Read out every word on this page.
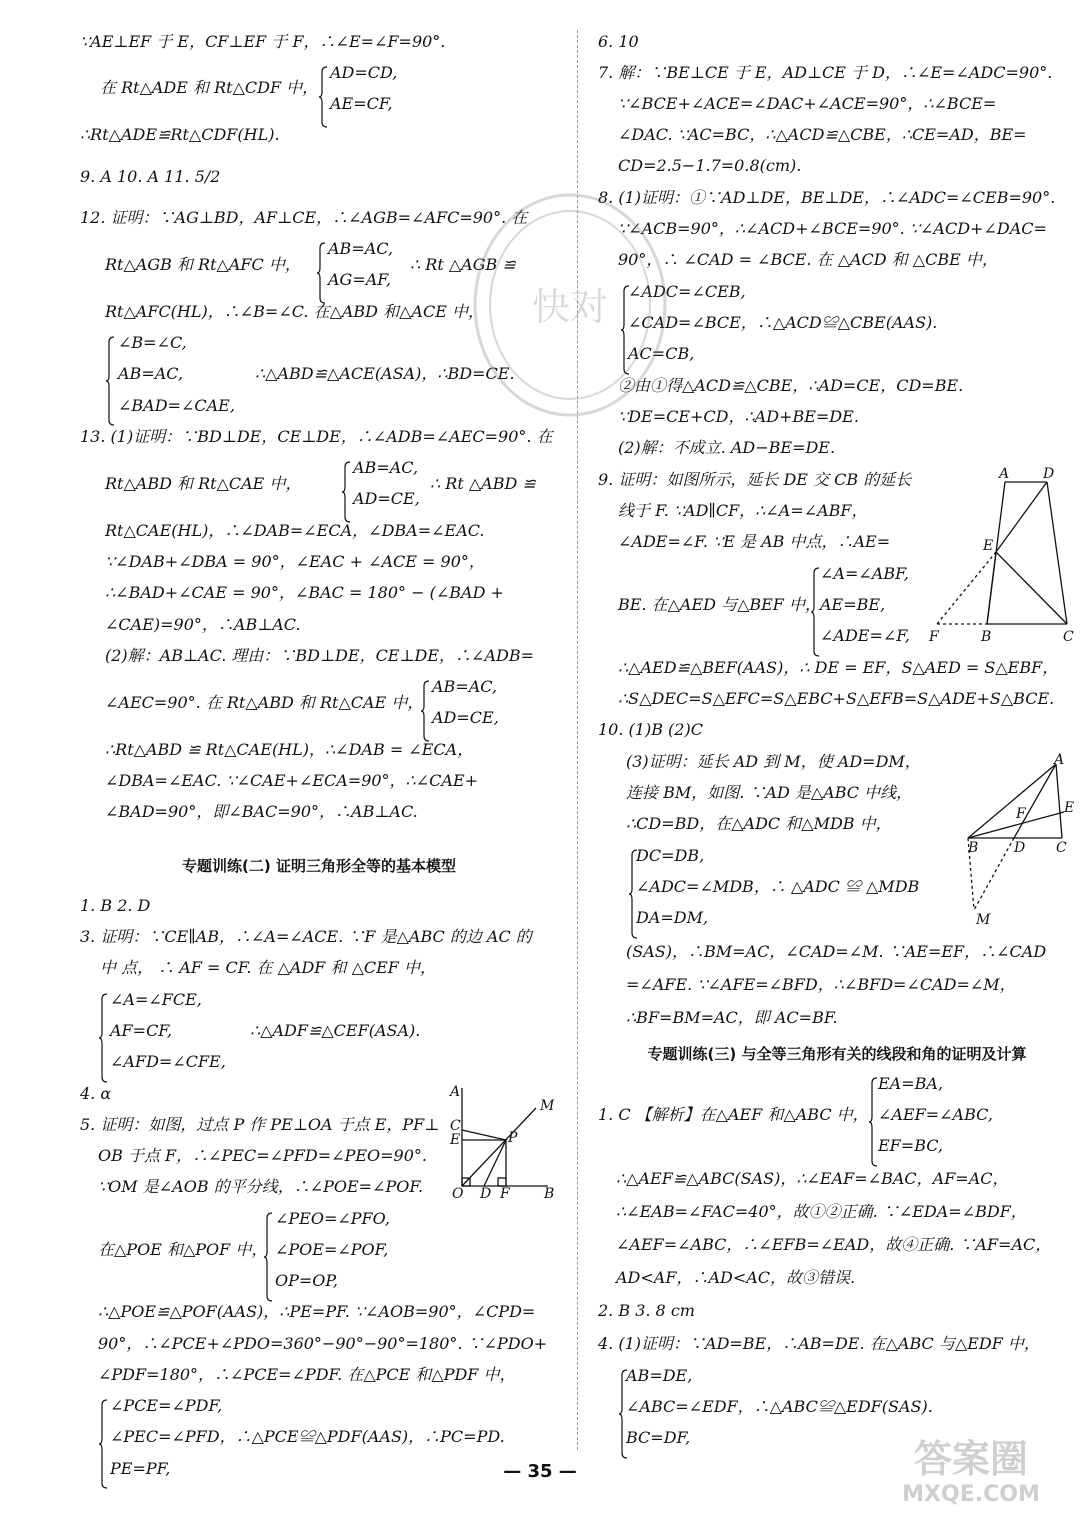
∵AE⊥EF 于 E，CF⊥EF 于 F，∴∠E=∠F=90°.
在 Rt△ADE 和 Rt△CDF 中，
AD=CD,
AE=CF,
∴Rt△ADE≌Rt△CDF(HL).
9. A 10. A 11. 5/2
12. 证明：∵AG⊥BD，AF⊥CE，∴∠AGB=∠AFC=90°. 在
Rt△AGB 和 Rt△AFC 中，
AB=AC,
AG=AF,
∴ Rt △AGB ≌
Rt△AFC(HL)，∴∠B=∠C. 在△ABD 和△ACE 中，
∠B=∠C,
AB=AC,	∴△ABD≌△ACE(ASA)，∴BD=CE.
∠BAD=∠CAE,
13. (1)证明：∵BD⊥DE，CE⊥DE，∴∠ADB=∠AEC=90°. 在
Rt△ABD 和 Rt△CAE 中，
AB=AC,
AD=CE,
∴ Rt △ABD ≌
Rt△CAE(HL)，∴∠DAB=∠ECA，∠DBA=∠EAC.
∵∠DAB+∠DBA = 90°，∠EAC + ∠ACE = 90°，
∴∠BAD+∠CAE = 90°，∠BAC = 180° − (∠BAD +
∠CAE)=90°，∴AB⊥AC.
(2)解：AB⊥AC. 理由：∵BD⊥DE，CE⊥DE，∴∠ADB=
∠AEC=90°. 在 Rt△ABD 和 Rt△CAE 中，
AB=AC,
AD=CE,
∴Rt△ABD ≌ Rt△CAE(HL)，∴∠DAB = ∠ECA，
∠DBA=∠EAC. ∵∠CAE+∠ECA=90°，∴∠CAE+
∠BAD=90°，即∠BAC=90°，∴AB⊥AC.
1. B 2. D
3. 证明：∵CE∥AB，∴∠A=∠ACE. ∵F 是△ABC 的边 AC 的
中 点， ∴ AF = CF. 在 △ADF 和 △CEF 中，
∠A=∠FCE,
AF=CF,	∴△ADF≌△CEF(ASA).
∠AFD=∠CFE,
4. α
5. 证明：如图，过点 P 作 PE⊥OA 于点 E，PF⊥
OB 于点 F，∴∠PEC=∠PFD=∠PEO=90°.
∵OM 是∠AOB 的平分线，∴∠POE=∠POF.
在△POE 和△POF 中，
∠PEO=∠PFO,
∠POE=∠POF,
OP=OP,
∴△POE≌△POF(AAS)，∴PE=PF. ∵∠AOB=90°，∠CPD=
90°，∴∠PCE+∠PDO=360°−90°−90°=180°. ∵∠PDO+
∠PDF=180°，∴∠PCE=∠PDF. 在△PCE 和△PDF 中，
∠PCE=∠PDF,
∠PEC=∠PFD，∴△PCE≌△PDF(AAS)，∴PC=PD.
PE=PF,
专题训练(二) 证明三角形全等的基本模型
6. 10
7. 解：∵BE⊥CE 于 E，AD⊥CE 于 D，∴∠E=∠ADC=90°.
∵∠BCE+∠ACE=∠DAC+∠ACE=90°，∴∠BCE=
∠DAC. ∵AC=BC，∴△ACD≌△CBE，∴CE=AD，BE=
CD=2.5−1.7=0.8(cm).
8. (1)证明：①∵AD⊥DE，BE⊥DE，∴∠ADC=∠CEB=90°.
∵∠ACB=90°，∴∠ACD+∠BCE=90°. ∵∠ACD+∠DAC=
90°，∴ ∠CAD = ∠BCE. 在 △ACD 和 △CBE 中，
∠ADC=∠CEB,
∠CAD=∠BCE，∴△ACD≌△CBE(AAS).
AC=CB,
②由①得△ACD≌△CBE，∴AD=CE，CD=BE.
∵DE=CE+CD，∴AD+BE=DE.
(2)解：不成立. AD−BE=DE.
9. 证明：如图所示，延长 DE 交 CB 的延长
线于 F. ∵AD∥CF，∴∠A=∠ABF，
∠ADE=∠F. ∵E 是 AB 中点，∴AE=
BE. 在△AED 与△BEF 中，
∠A=∠ABF,
AE=BE,
∠ADE=∠F,
∴△AED≌△BEF(AAS)，∴ DE = EF，S△AED = S△EBF，
∴S△DEC=S△EFC=S△EBC+S△EFB=S△ADE+S△BCE.
10. (1)B (2)C
(3)证明：延长 AD 到 M，使 AD=DM，
连接 BM，如图. ∵AD 是△ABC 中线，
∴CD=BD，在△ADC 和△MDB 中，
DC=DB,
∠ADC=∠MDB，∴ △ADC ≌ △MDB
DA=DM,
(SAS)，∴BM=AC，∠CAD=∠M. ∵AE=EF，∴∠CAD
=∠AFE. ∵∠AFE=∠BFD，∴∠BFD=∠CAD=∠M，
∴BF=BM=AC，即 AC=BF.
1. C 【解析】在△AEF 和△ABC 中，
EA=BA,
∠AEF=∠ABC,
EF=BC,
∴△AEF≌△ABC(SAS)，∴∠EAF=∠BAC，AF=AC，
∴∠EAB=∠FAC=40°，故①②正确. ∵∠EDA=∠BDF，
∠AEF=∠ABC，∴∠EFB=∠EAD，故④正确. ∵AF=AC，
AD<AF，∴AD<AC，故③错误.
2. B 3. 8 cm
4. (1)证明：∵AD=BE，∴AB=DE. 在△ABC 与△EDF 中，
AB=DE,
∠ABC=∠EDF，∴△ABC≌△EDF(SAS).
BC=DF,
专题训练(三) 与全等三角形有关的线段和角的证明及计算
A
C
E	P
M
O D F B
A D
E
F	B	C
A
F	E
B	D C
M
快对
— 35 —	答案圈
MXQE.COM
